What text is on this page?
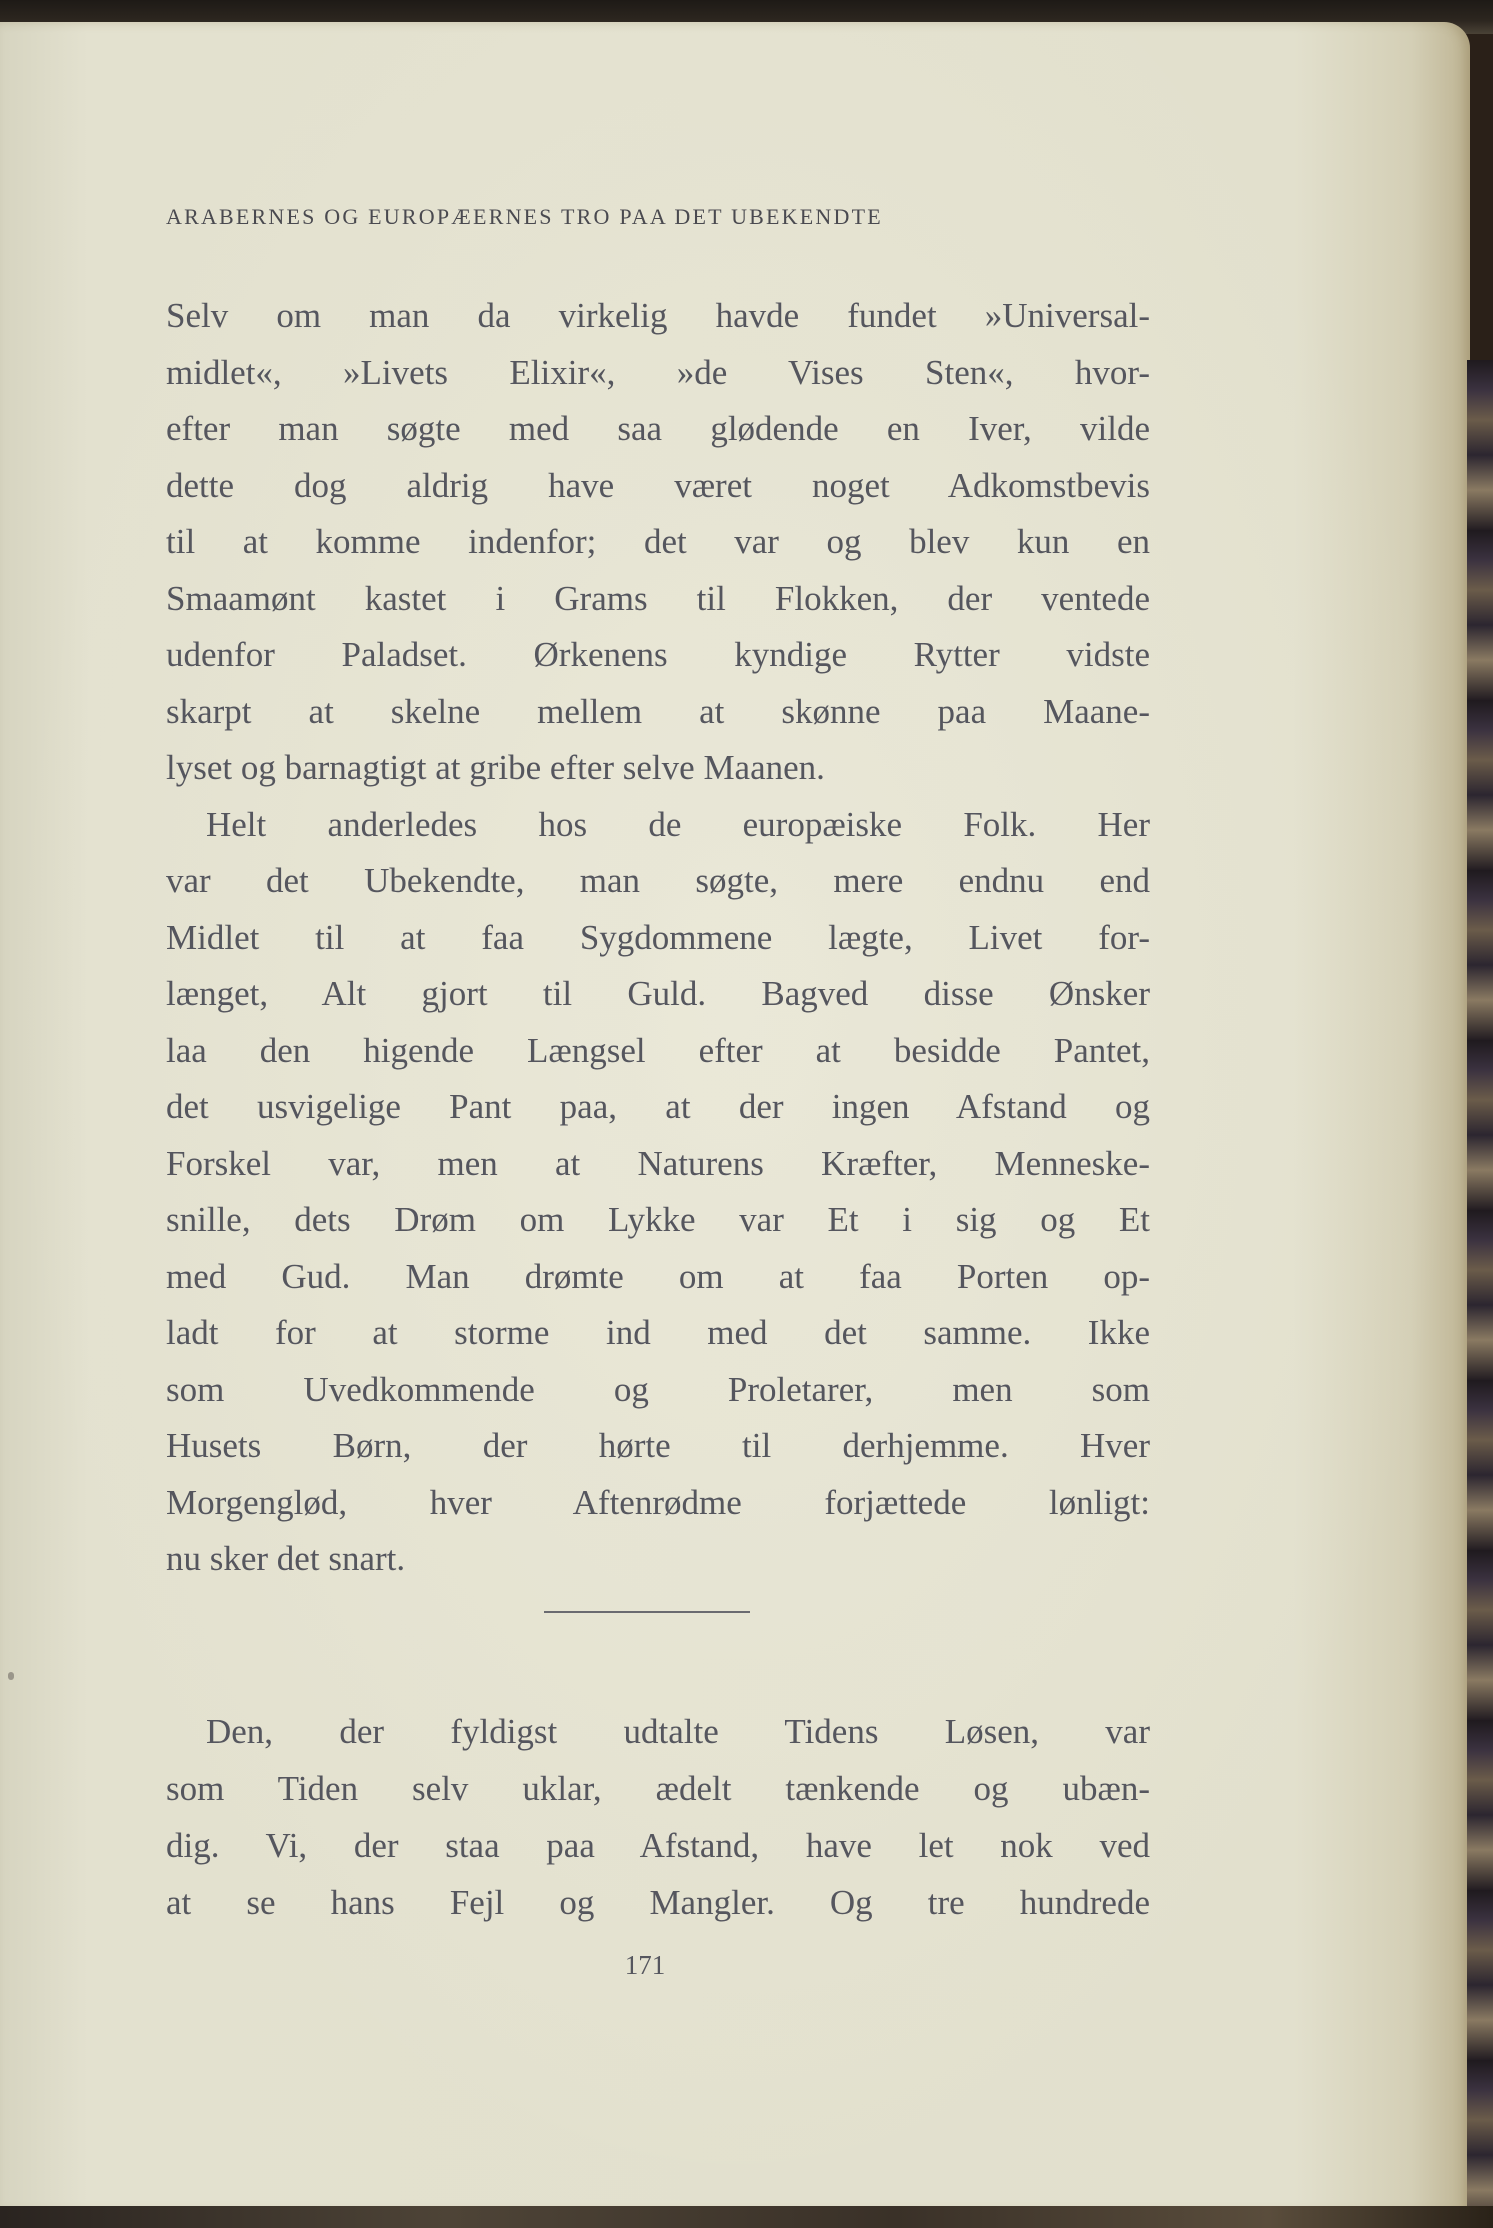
ARABERNES OG EUROPÆERNES TRO PAA DET UBEKENDTE
Selv om man da virkelig havde fundet »Universal-
midlet«, »Livets Elixir«, »de Vises Sten«, hvor-
efter man søgte med saa glødende en Iver, vilde
dette dog aldrig have været noget Adkomstbevis
til at komme indenfor; det var og blev kun en
Smaamønt kastet i Grams til Flokken, der ventede
udenfor Paladset. Ørkenens kyndige Rytter vidste
skarpt at skelne mellem at skønne paa Maane-
lyset og barnagtigt at gribe efter selve Maanen.
Helt anderledes hos de europæiske Folk. Her
var det Ubekendte, man søgte, mere endnu end
Midlet til at faa Sygdommene lægte, Livet for-
længet, Alt gjort til Guld. Bagved disse Ønsker
laa den higende Længsel efter at besidde Pantet,
det usvigelige Pant paa, at der ingen Afstand og
Forskel var, men at Naturens Kræfter, Menneske-
snille, dets Drøm om Lykke var Et i sig og Et
med Gud. Man drømte om at faa Porten op-
ladt for at storme ind med det samme. Ikke
som Uvedkommende og Proletarer, men som
Husets Børn, der hørte til derhjemme. Hver
Morgenglød, hver Aftenrødme forjættede lønligt:
nu sker det snart.
Den, der fyldigst udtalte Tidens Løsen, var
som Tiden selv uklar, ædelt tænkende og ubæn-
dig. Vi, der staa paa Afstand, have let nok ved
at se hans Fejl og Mangler. Og tre hundrede
171
